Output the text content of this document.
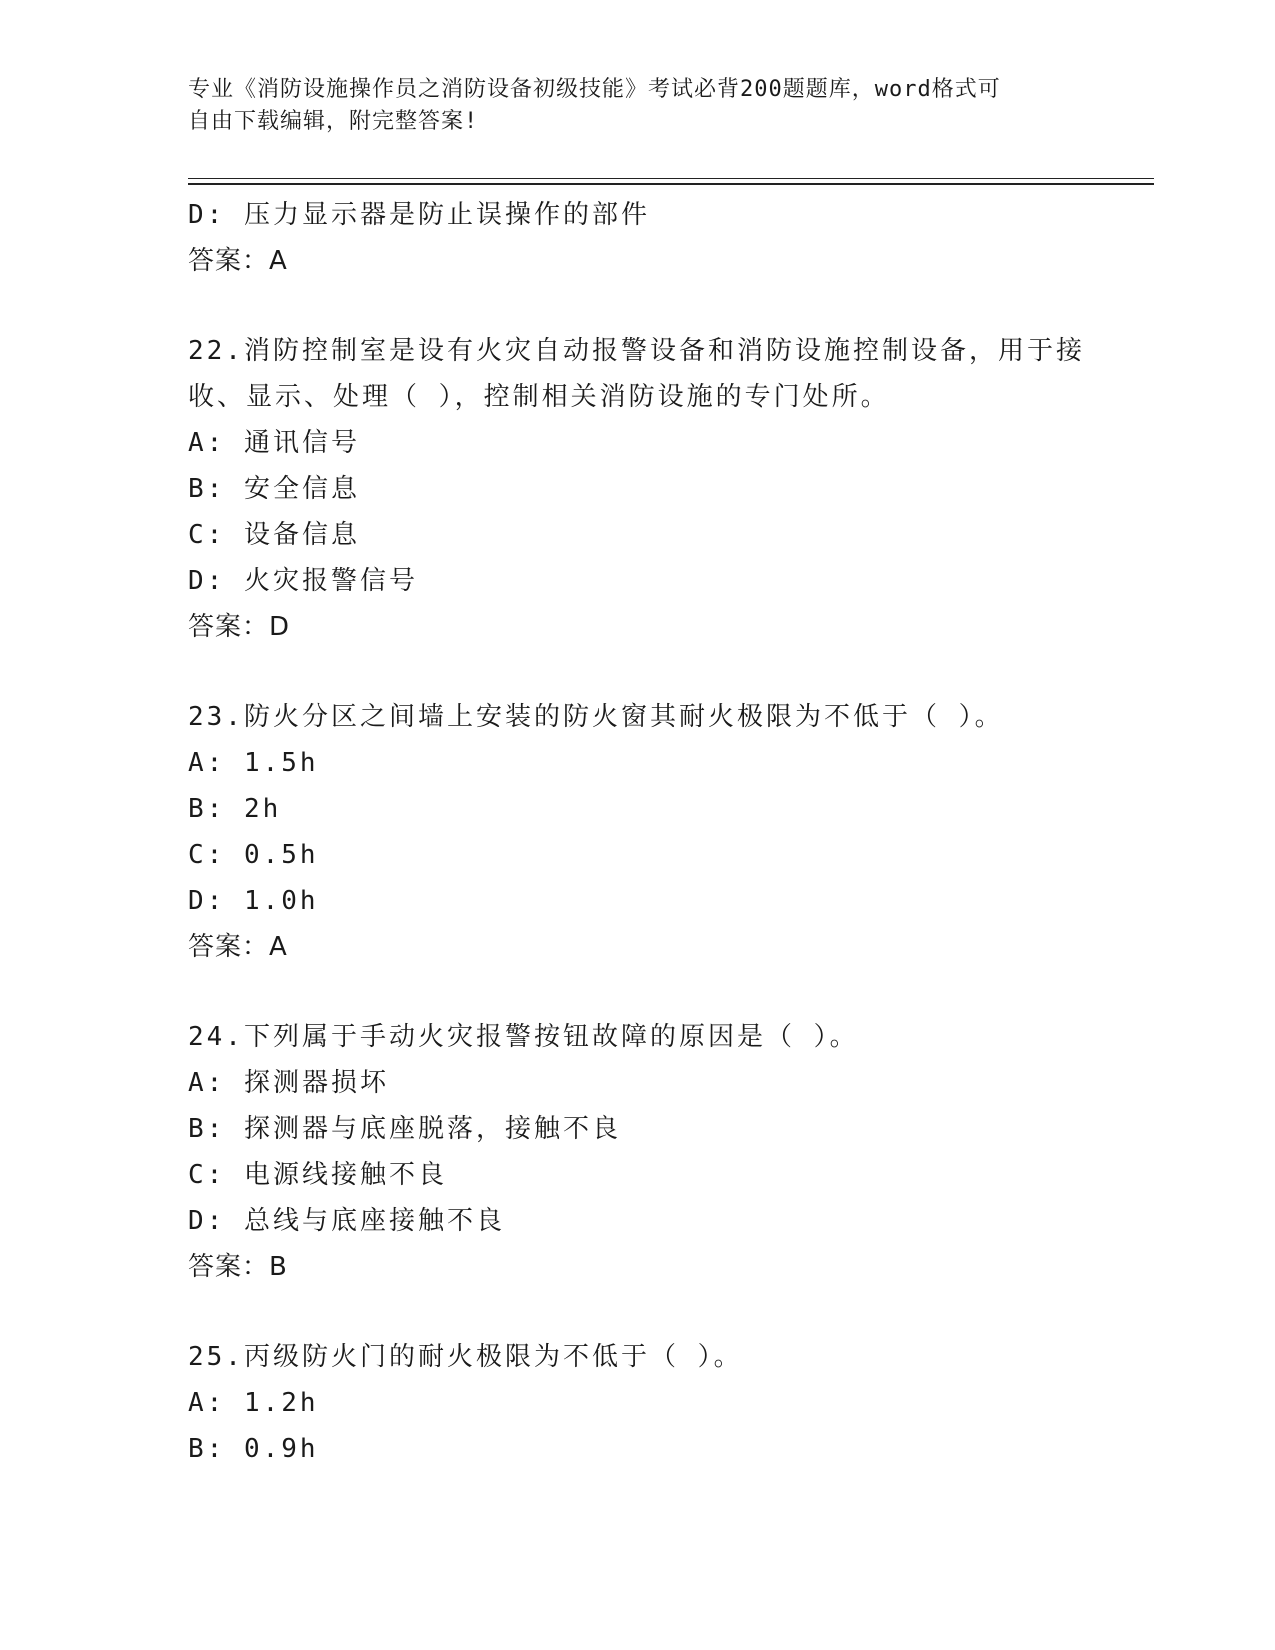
专业《消防设施操作员之消防设备初级技能》考试必背200题题库，word格式可
自由下载编辑，附完整答案!
D: 压力显示器是防止误操作的部件
答案：A
22.消防控制室是设有火灾自动报警设备和消防设施控制设备，用于接
收、显示、处理（ ），控制相关消防设施的专门处所。
A: 通讯信号
B: 安全信息
C: 设备信息
D: 火灾报警信号
答案：D
23.防火分区之间墙上安装的防火窗其耐火极限为不低于（ ）。
A: 1.5h
B: 2h
C: 0.5h
D: 1.0h
答案：A
24.下列属于手动火灾报警按钮故障的原因是（ ）。
A: 探测器损坏
B: 探测器与底座脱落，接触不良
C: 电源线接触不良
D: 总线与底座接触不良
答案：B
25.丙级防火门的耐火极限为不低于（ ）。
A: 1.2h
B: 0.9h
